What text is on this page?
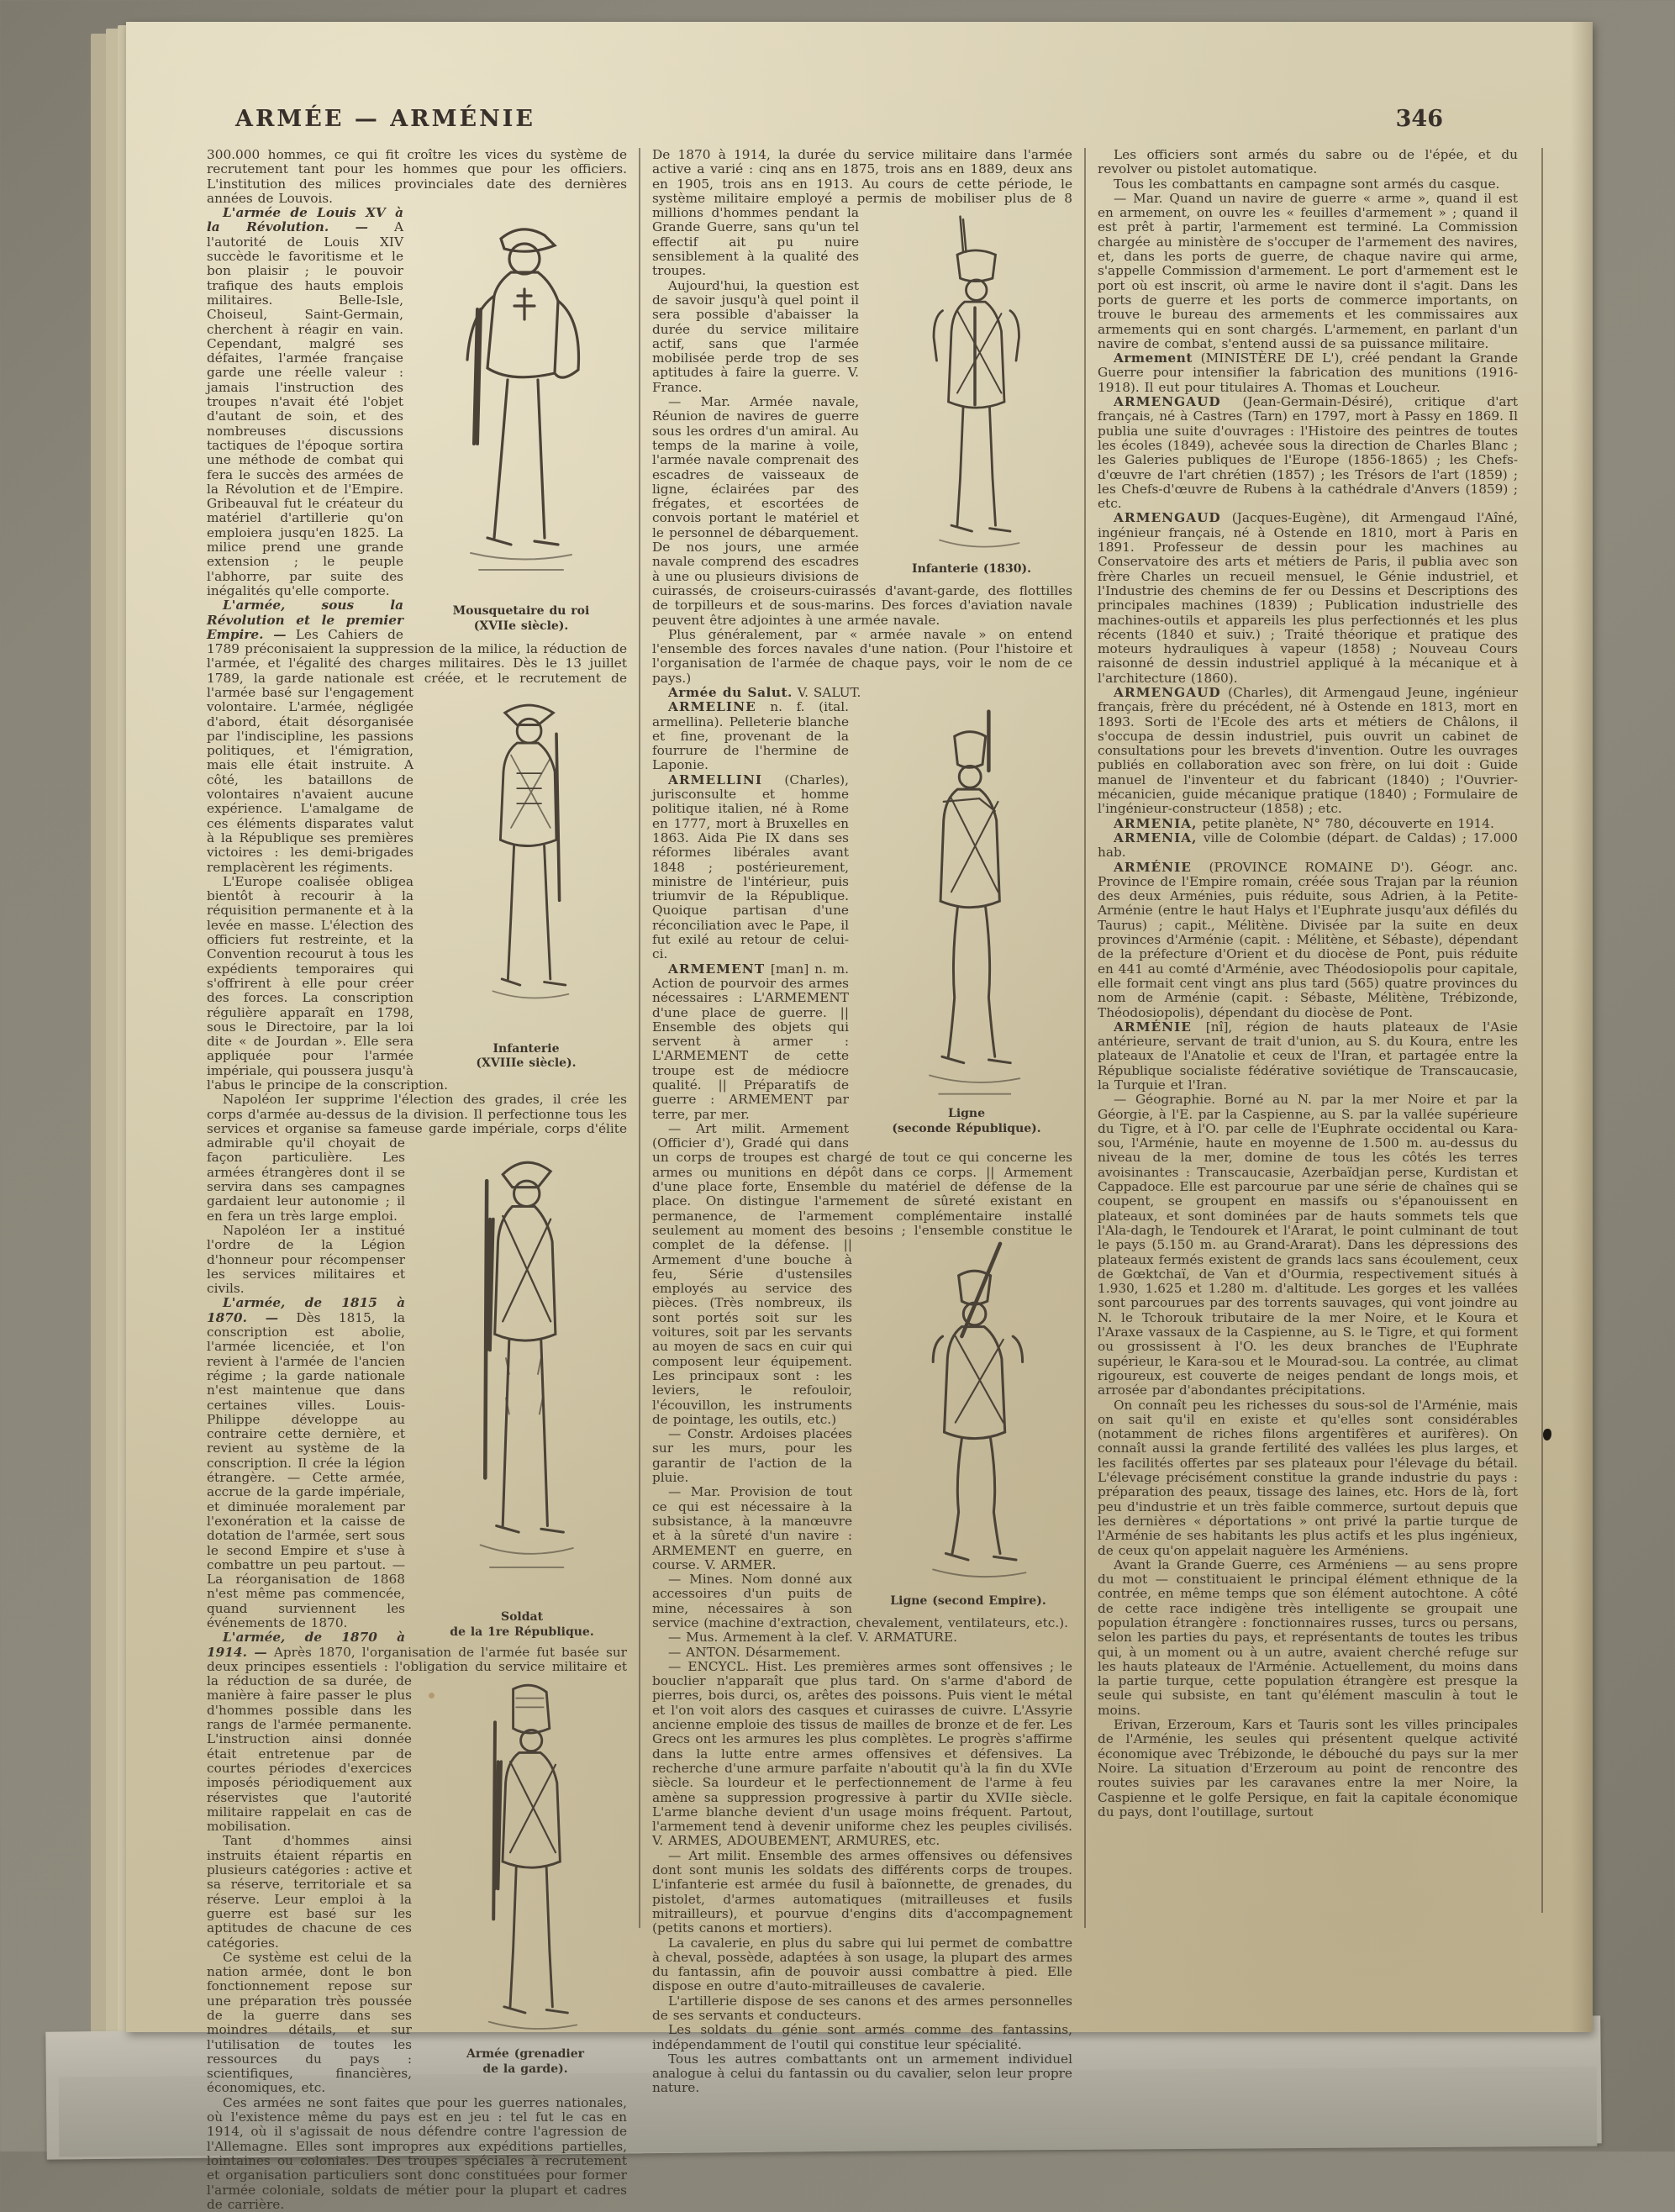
ARMÉE — ARMÉNIE	346

300.000 hommes, ce qui fit croître les vices du système de recrutement tant pour les hommes que pour les officiers. L'institution des milices provinciales date des dernières années de Louvois.

Mousquetaire du roi
(XVIIe siècle).
L'armée de Louis XV à la Révolution. — A l'autorité de Louis XIV succède le favoritisme et le bon plaisir ; le pouvoir trafique des hauts emplois militaires. Belle-Isle, Choiseul, Saint-Germain, cherchent à réagir en vain. Cependant, malgré ses défaites, l'armée française garde une réelle valeur : jamais l'instruction des troupes n'avait été l'objet d'autant de soin, et des nombreuses discussions tactiques de l'époque sortira une méthode de combat qui fera le succès des armées de la Révolution et de l'Empire. Gribeauval fut le créateur du matériel d'artillerie qu'on emploiera jusqu'en 1825. La milice prend une grande extension ; le peuple l'abhorre, par suite des inégalités qu'elle comporte.

L'armée, sous la Révolution et le premier Empire. — Les Cahiers de 1789 préconisaient la suppression de la milice, la réduction de l'armée, et l'égalité des charges militaires. Dès le 13 juillet 1789, la garde nationale est créée, et
Infanterie
(XVIIIe siècle).
le recrutement de l'armée basé sur l'engagement volontaire. L'armée, négligée d'abord, était désorganisée par l'indiscipline, les passions politiques, et l'émigration, mais elle était instruite. A côté, les bataillons de volontaires n'avaient aucune expérience. L'amalgame de ces éléments disparates valut à la République ses premières victoires : les demi-brigades remplacèrent les régiments.

L'Europe coalisée obligea bientôt à recourir à la réquisition permanente et à la levée en masse. L'élection des officiers fut restreinte, et la Convention recourut à tous les expédients temporaires qui s'offrirent à elle pour créer des forces. La conscription régulière apparaît en 1798, sous le Directoire, par la loi dite « de Jourdan ». Elle sera appliquée pour l'armée impériale, qui poussera jusqu'à l'abus le principe de la conscription.

Napoléon Ier supprime l'élection des grades, il crée les corps d'armée au-dessus de la division. Il perfectionne tous les services et organise sa fameuse garde impériale, corps d'élite admirable qu'il
Soldat
de la 1re République.
choyait de façon particulière. Les armées étrangères dont il se servira dans ses campagnes gardaient leur autonomie ; il en fera un très large emploi.

Napoléon Ier a institué l'ordre de la Légion d'honneur pour récompenser les services militaires et civils.

L'armée, de 1815 à 1870. — Dès 1815, la conscription est abolie, l'armée licenciée, et l'on revient à l'armée de l'ancien régime ; la garde nationale n'est maintenue que dans certaines villes. Louis-Philippe développe au contraire cette dernière, et revient au système de la conscription. Il crée la légion étrangère. — Cette armée, accrue de la garde impériale, et diminuée moralement par l'exonération et la caisse de dotation de l'armée, sert sous le second Empire et s'use à combattre un peu partout. — La réorganisation de 1868 n'est même pas commencée, quand surviennent les événements de 1870.

L'armée, de 1870 à 1914. — Après 1870, l'organisation de l'armée fut basée sur deux principes essentiels : l'obligation du service militaire et la réduction de sa durée,
Armée (grenadier
de la garde).
de manière à faire passer le plus d'hommes possible dans les rangs de l'armée permanente. L'instruction ainsi donnée était entretenue par de courtes périodes d'exercices imposés périodiquement aux réservistes que l'autorité militaire rappelait en cas de mobilisation.

Tant d'hommes ainsi instruits étaient répartis en plusieurs catégories : active et sa réserve, territoriale et sa réserve. Leur emploi à la guerre est basé sur les aptitudes de chacune de ces catégories.

Ce système est celui de la nation armée, dont le bon fonctionnement repose sur une préparation très poussée de la guerre dans ses moindres détails, et sur l'utilisation de toutes les ressources du pays : scientifiques, financières, économiques, etc.

Ces armées ne sont faites que pour les guerres nationales, où l'existence même du pays est en jeu : tel fut le cas en 1914, où il s'agissait de nous défendre contre l'agression de l'Allemagne. Elles sont impropres aux expéditions partielles, lointaines ou coloniales. Des troupes spéciales à recrutement et organisation particuliers sont donc constituées pour former l'armée coloniale, soldats de métier pour la plupart et cadres de carrière.

De 1870 à 1914, la durée du service militaire dans l'armée active a varié : cinq ans en 1875, trois ans en 1889, deux ans en 1905, trois ans en 1913. Au cours de cette période, le système militaire employé a permis de mobiliser
Infanterie (1830).
plus de 8 millions d'hommes pendant la Grande Guerre, sans qu'un tel effectif ait pu nuire sensiblement à la qualité des troupes.

Aujourd'hui, la question est de savoir jusqu'à quel point il sera possible d'abaisser la durée du service militaire actif, sans que l'armée mobilisée perde trop de ses aptitudes à faire la guerre. V. France.

— Mar. Armée navale, Réunion de navires de guerre sous les ordres d'un amiral. Au temps de la marine à voile, l'armée navale comprenait des escadres de vaisseaux de ligne, éclairées par des frégates, et escortées de convois portant le matériel et le personnel de débarquement. De nos jours, une armée navale comprend des escadres à une ou plusieurs divisions de cuirassés, de croiseurs-cuirassés d'avant-garde, des flottilles de torpilleurs et de sous-marins. Des forces d'aviation navale peuvent être adjointes à une armée navale.

Plus généralement, par « armée navale » on entend l'ensemble des forces navales d'une nation. (Pour l'histoire et l'organisation de l'armée de chaque pays, voir le nom de ce pays.)

Armée du Salut. V. SALUT.

Ligne
(seconde République).
ARMELINE n. f. (ital. armellina). Pelleterie blanche et fine, provenant de la fourrure de l'hermine de Laponie.

ARMELLINI (Charles), jurisconsulte et homme politique italien, né à Rome en 1777, mort à Bruxelles en 1863. Aida Pie IX dans ses réformes libérales avant 1848 ; postérieurement, ministre de l'intérieur, puis triumvir de la République. Quoique partisan d'une réconciliation avec le Pape, il fut exilé au retour de celui-ci.

ARMEMENT [man] n. m. Action de pourvoir des armes nécessaires : L'ARMEMENT d'une place de guerre. || Ensemble des objets qui servent à armer : L'ARMEMENT de cette troupe est de médiocre qualité. || Préparatifs de guerre : ARMEMENT par terre, par mer.

— Art milit. Armement (Officier d'), Gradé qui dans un corps de troupes est chargé de tout ce qui concerne les armes ou munitions en dépôt dans ce corps. || Armement d'une place forte, Ensemble du matériel de défense de la place. On distingue l'armement de sûreté existant en permanence, de l'armement complémentaire installé seulement au moment des besoins ; l'ensemble constitue le
Ligne (second Empire).
complet de la défense. || Armement d'une bouche à feu, Série d'ustensiles employés au service des pièces. (Très nombreux, ils sont portés soit sur les voitures, soit par les servants au moyen de sacs en cuir qui composent leur équipement. Les principaux sont : les leviers, le refouloir, l'écouvillon, les instruments de pointage, les outils, etc.)

— Constr. Ardoises placées sur les murs, pour les garantir de l'action de la pluie.

— Mar. Provision de tout ce qui est nécessaire à la subsistance, à la manœuvre et à la sûreté d'un navire : ARMEMENT en guerre, en course. V. ARMER.

— Mines. Nom donné aux accessoires d'un puits de mine, nécessaires à son service (machine d'extraction, chevalement, ventilateurs, etc.).

— Mus. Armement à la clef. V. ARMATURE.

— ANTON. Désarmement.

— ENCYCL. Hist. Les premières armes sont offensives ; le bouclier n'apparaît que plus tard. On s'arme d'abord de pierres, bois durci, os, arêtes des poissons. Puis vient le métal et l'on voit alors des casques et cuirasses de cuivre. L'Assyrie ancienne emploie des tissus de mailles de bronze et de fer. Les Grecs ont les armures les plus complètes. Le progrès s'affirme dans la lutte entre armes offensives et défensives. La recherche d'une armure parfaite n'aboutit qu'à la fin du XVIe siècle. Sa lourdeur et le perfectionnement de l'arme à feu amène sa suppression progressive à partir du XVIIe siècle. L'arme blanche devient d'un usage moins fréquent. Partout, l'armement tend à devenir uniforme chez les peuples civilisés. V. ARMES, ADOUBEMENT, ARMURES, etc.

— Art milit. Ensemble des armes offensives ou défensives dont sont munis les soldats des différents corps de troupes. L'infanterie est armée du fusil à baïonnette, de grenades, du pistolet, d'armes automatiques (mitrailleuses et fusils mitrailleurs), et pourvue d'engins dits d'accompagnement (petits canons et mortiers).

La cavalerie, en plus du sabre qui lui permet de combattre à cheval, possède, adaptées à son usage, la plupart des armes du fantassin, afin de pouvoir aussi combattre à pied. Elle dispose en outre d'auto-mitrailleuses de cavalerie.

L'artillerie dispose de ses canons et des armes personnelles de ses servants et conducteurs.

Les soldats du génie sont armés comme des fantassins, indépendamment de l'outil qui constitue leur spécialité.

Tous les autres combattants ont un armement individuel analogue à celui du fantassin ou du cavalier, selon leur propre nature.

Les officiers sont armés du sabre ou de l'épée, et du revolver ou pistolet automatique.

Tous les combattants en campagne sont armés du casque.

— Mar. Quand un navire de guerre « arme », quand il est en armement, on ouvre les « feuilles d'armement » ; quand il est prêt à partir, l'armement est terminé. La Commission chargée au ministère de s'occuper de l'armement des navires, et, dans les ports de guerre, de chaque navire qui arme, s'appelle Commission d'armement. Le port d'armement est le port où est inscrit, où arme le navire dont il s'agit. Dans les ports de guerre et les ports de commerce importants, on trouve le bureau des armements et les commissaires aux armements qui en sont chargés. L'armement, en parlant d'un navire de combat, s'entend aussi de sa puissance militaire.

Armement (MINISTÈRE DE L'), créé pendant la Grande Guerre pour intensifier la fabrication des munitions (1916-1918). Il eut pour titulaires A. Thomas et Loucheur.

ARMENGAUD (Jean-Germain-Désiré), critique d'art français, né à Castres (Tarn) en 1797, mort à Passy en 1869. Il publia une suite d'ouvrages : l'Histoire des peintres de toutes les écoles (1849), achevée sous la direction de Charles Blanc ; les Galeries publiques de l'Europe (1856-1865) ; les Chefs-d'œuvre de l'art chrétien (1857) ; les Trésors de l'art (1859) ; les Chefs-d'œuvre de Rubens à la cathédrale d'Anvers (1859) ; etc.

ARMENGAUD (Jacques-Eugène), dit Armengaud l'Aîné, ingénieur français, né à Ostende en 1810, mort à Paris en 1891. Professeur de dessin pour les machines au Conservatoire des arts et métiers de Paris, il publia avec son frère Charles un recueil mensuel, le Génie industriel, et l'Industrie des chemins de fer ou Dessins et Descriptions des principales machines (1839) ; Publication industrielle des machines-outils et appareils les plus perfectionnés et les plus récents (1840 et suiv.) ; Traité théorique et pratique des moteurs hydrauliques à vapeur (1858) ; Nouveau Cours raisonné de dessin industriel appliqué à la mécanique et à l'architecture (1860).

ARMENGAUD (Charles), dit Armengaud Jeune, ingénieur français, frère du précédent, né à Ostende en 1813, mort en 1893. Sorti de l'Ecole des arts et métiers de Châlons, il s'occupa de dessin industriel, puis ouvrit un cabinet de consultations pour les brevets d'invention. Outre les ouvrages publiés en collaboration avec son frère, on lui doit : Guide manuel de l'inventeur et du fabricant (1840) ; l'Ouvrier-mécanicien, guide mécanique pratique (1840) ; Formulaire de l'ingénieur-constructeur (1858) ; etc.

ARMENIA, petite planète, N° 780, découverte en 1914.

ARMENIA, ville de Colombie (départ. de Caldas) ; 17.000 hab.

ARMÉNIE (PROVINCE ROMAINE D'). Géogr. anc. Province de l'Empire romain, créée sous Trajan par la réunion des deux Arménies, puis réduite, sous Adrien, à la Petite-Arménie (entre le haut Halys et l'Euphrate jusqu'aux défilés du Taurus) ; capit., Mélitène. Divisée par la suite en deux provinces d'Arménie (capit. : Mélitène, et Sébaste), dépendant de la préfecture d'Orient et du diocèse de Pont, puis réduite en 441 au comté d'Arménie, avec Théodosiopolis pour capitale, elle formait cent vingt ans plus tard (565) quatre provinces du nom de Arménie (capit. : Sébaste, Mélitène, Trébizonde, Théodosiopolis), dépendant du diocèse de Pont.

ARMÉNIE [nî], région de hauts plateaux de l'Asie antérieure, servant de trait d'union, au S. du Koura, entre les plateaux de l'Anatolie et ceux de l'Iran, et partagée entre la République socialiste fédérative soviétique de Transcaucasie, la Turquie et l'Iran.

— Géographie. Borné au N. par la mer Noire et par la Géorgie, à l'E. par la Caspienne, au S. par la vallée supérieure du Tigre, et à l'O. par celle de l'Euphrate occidental ou Kara-sou, l'Arménie, haute en moyenne de 1.500 m. au-dessus du niveau de la mer, domine de tous les côtés les terres avoisinantes : Transcaucasie, Azerbaïdjan perse, Kurdistan et Cappadoce. Elle est parcourue par une série de chaînes qui se coupent, se groupent en massifs ou s'épanouissent en plateaux, et sont dominées par de hauts sommets tels que l'Ala-dagh, le Tendourek et l'Ararat, le point culminant de tout le pays (5.150 m. au Grand-Ararat). Dans les dépressions des plateaux fermés existent de grands lacs sans écoulement, ceux de Gœktchaï, de Van et d'Ourmia, respectivement situés à 1.930, 1.625 et 1.280 m. d'altitude. Les gorges et les vallées sont parcourues par des torrents sauvages, qui vont joindre au N. le Tchorouk tributaire de la mer Noire, et le Koura et l'Araxe vassaux de la Caspienne, au S. le Tigre, et qui forment ou grossissent à l'O. les deux branches de l'Euphrate supérieur, le Kara-sou et le Mourad-sou. La contrée, au climat rigoureux, est couverte de neiges pendant de longs mois, et arrosée par d'abondantes précipitations.

On connaît peu les richesses du sous-sol de l'Arménie, mais on sait qu'il en existe et qu'elles sont considérables (notamment de riches filons argentifères et aurifères). On connaît aussi la grande fertilité des vallées les plus larges, et les facilités offertes par ses plateaux pour l'élevage du bétail. L'élevage précisément constitue la grande industrie du pays : préparation des peaux, tissage des laines, etc. Hors de là, fort peu d'industrie et un très faible commerce, surtout depuis que les dernières « déportations » ont privé la partie turque de l'Arménie de ses habitants les plus actifs et les plus ingénieux, de ceux qu'on appelait naguère les Arméniens.

Avant la Grande Guerre, ces Arméniens — au sens propre du mot — constituaient le principal élément ethnique de la contrée, en même temps que son élément autochtone. A côté de cette race indigène très intelligente se groupait une population étrangère : fonctionnaires russes, turcs ou persans, selon les parties du pays, et représentants de toutes les tribus qui, à un moment ou à un autre, avaient cherché refuge sur les hauts plateaux de l'Arménie. Actuellement, du moins dans la partie turque, cette population étrangère est presque la seule qui subsiste, en tant qu'élément masculin à tout le moins.

Erivan, Erzeroum, Kars et Tauris sont les villes principales de l'Arménie, les seules qui présentent quelque activité économique avec Trébizonde, le débouché du pays sur la mer Noire. La situation d'Erzeroum au point de rencontre des routes suivies par les caravanes entre la mer Noire, la Caspienne et le golfe Persique, en fait la capitale économique du pays, dont l'outillage, surtout
